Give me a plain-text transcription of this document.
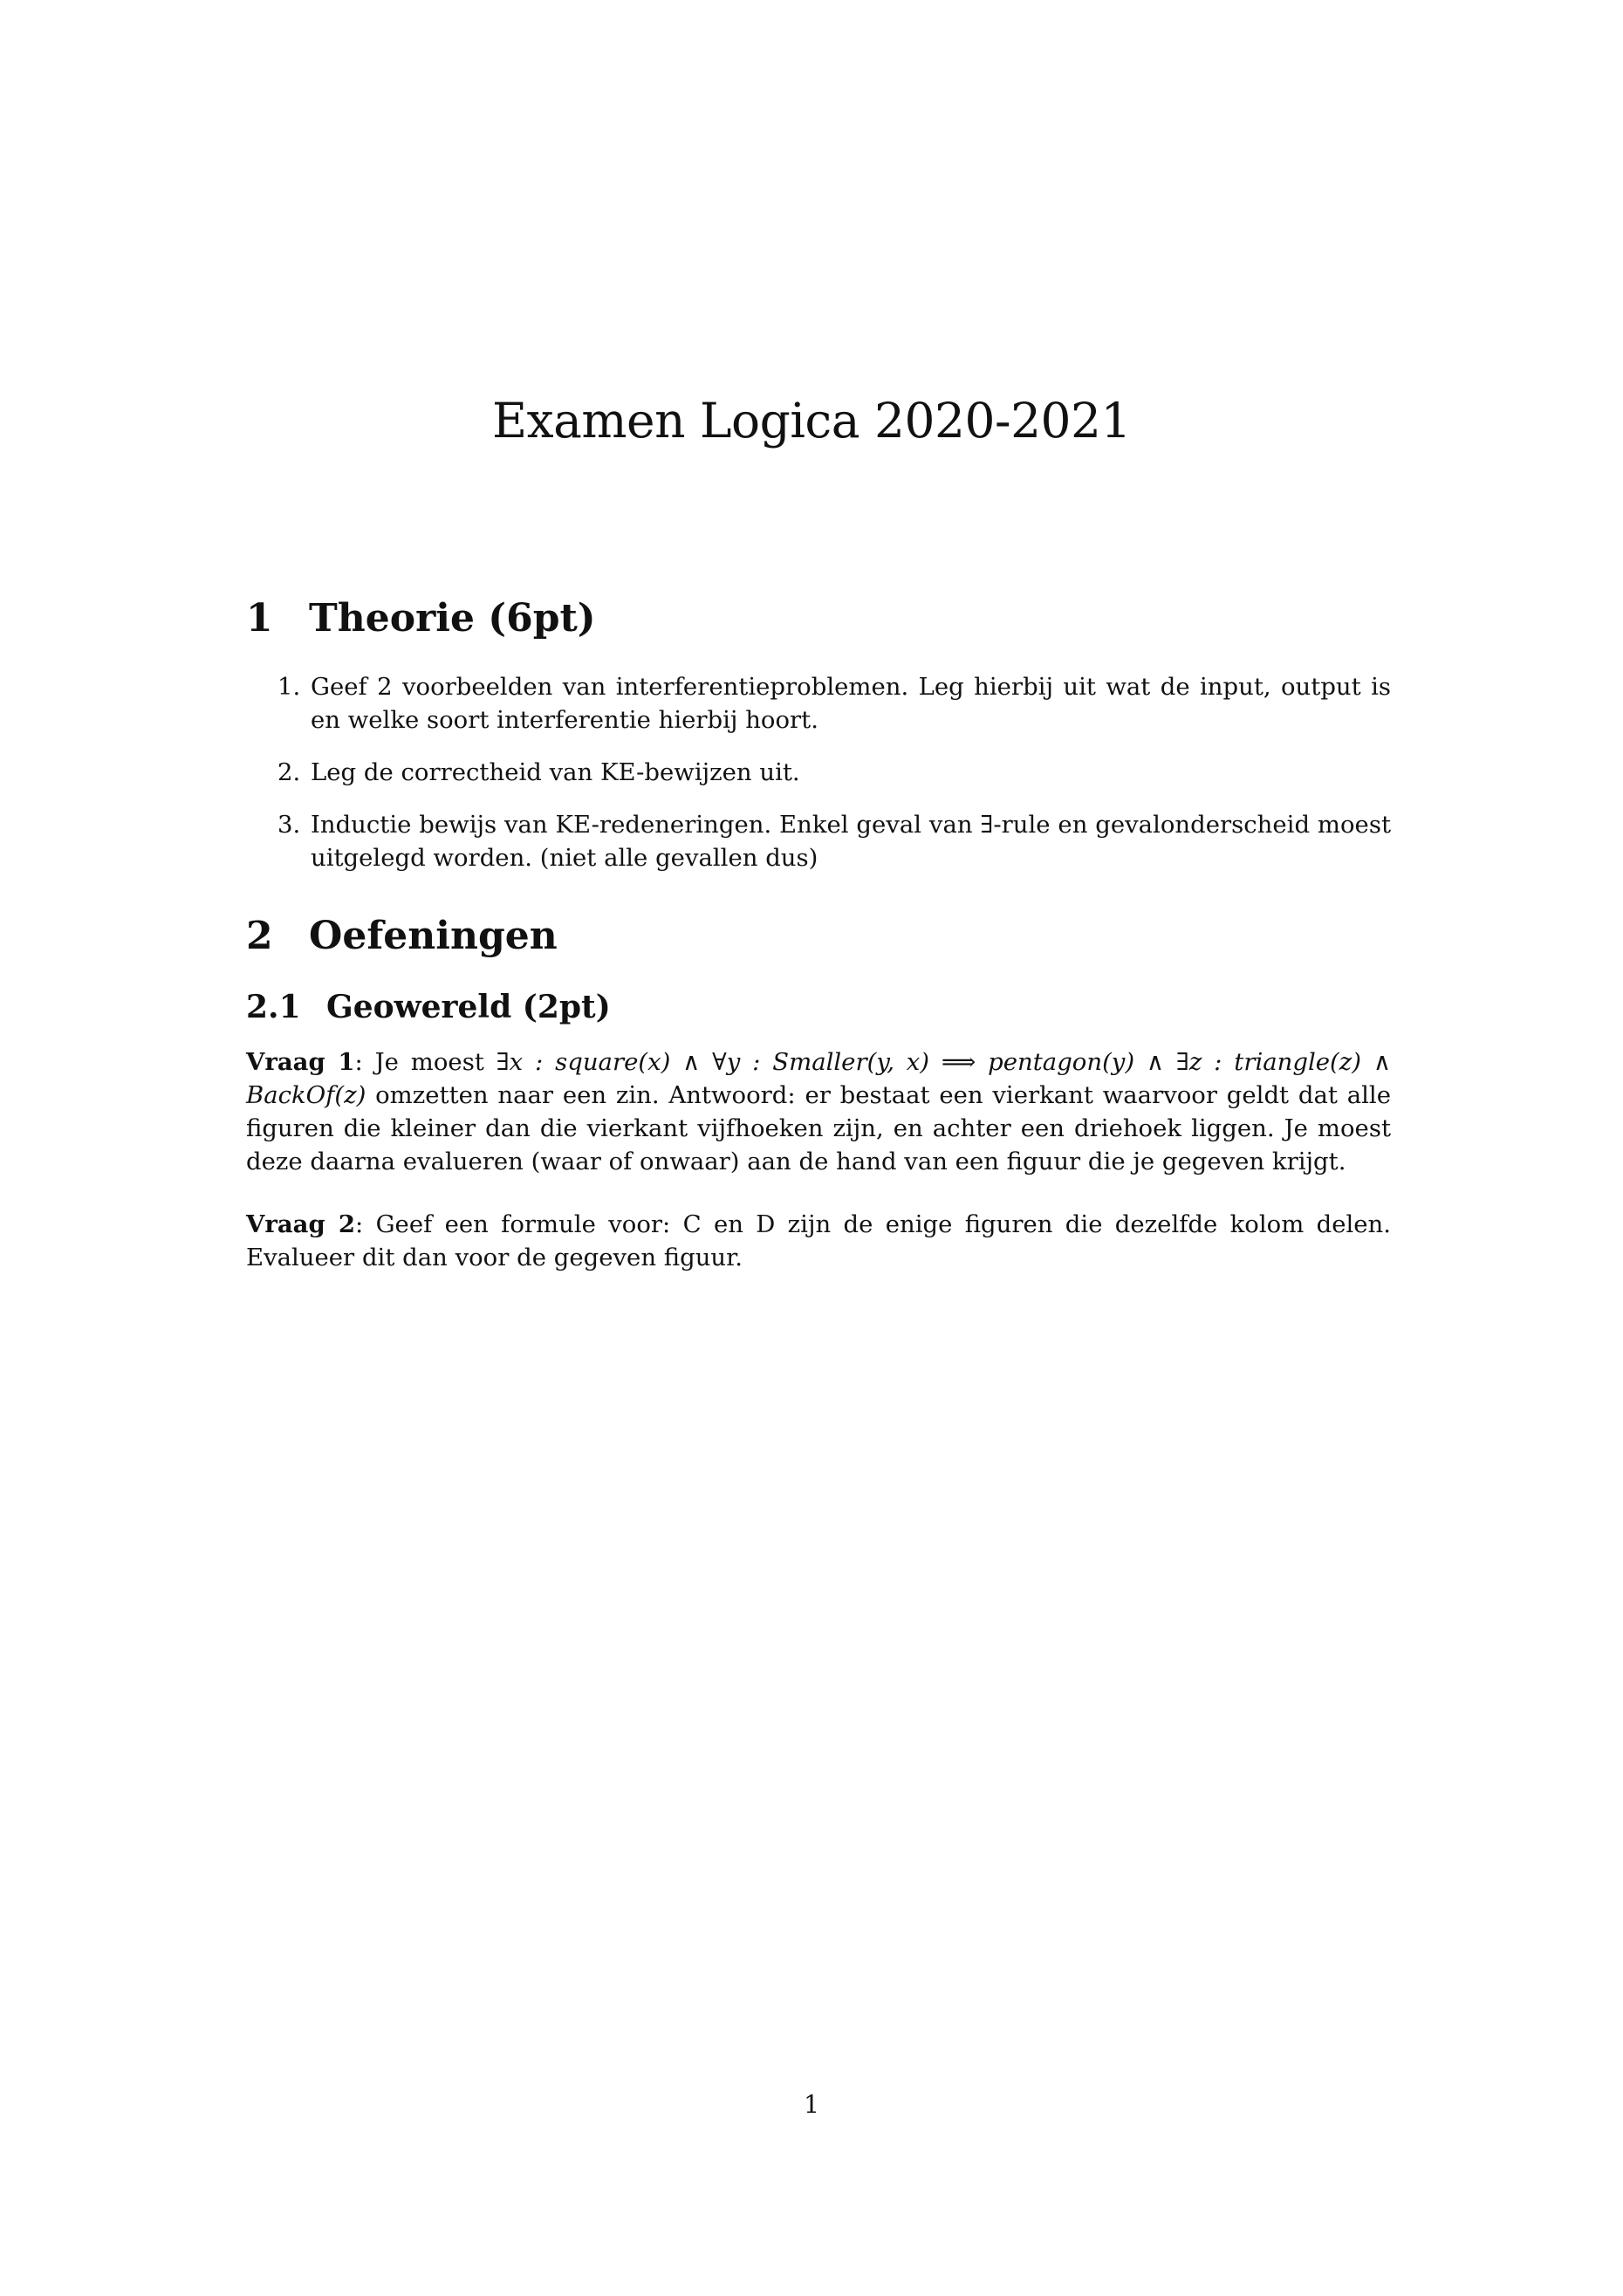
Examen Logica 2020-2021
1 Theorie (6pt)
1. Geef 2 voorbeelden van interferentieproblemen. Leg hierbij uit wat de input, output is en welke soort interferentie hierbij hoort.
2. Leg de correctheid van KE-bewijzen uit.
3. Inductie bewijs van KE-redeneringen. Enkel geval van ∃-rule en gevalonderscheid moest uitgelegd worden. (niet alle gevallen dus)
2 Oefeningen
2.1 Geowereld (2pt)

Vraag 1: Je moest ∃x : square(x) ∧ ∀y : Smaller(y, x) ⟹ pentagon(y) ∧ ∃z : triangle(z) ∧ BackOf(z) omzetten naar een zin. Antwoord: er bestaat een vierkant waarvoor geldt dat alle figuren die kleiner dan die vierkant vijfhoeken zijn, en achter een driehoek liggen. Je moest deze daarna evalueren (waar of onwaar) aan de hand van een figuur die je gegeven krijgt.

Vraag 2: Geef een formule voor: C en D zijn de enige figuren die dezelfde kolom delen. Evalueer dit dan voor de gegeven figuur.

1
